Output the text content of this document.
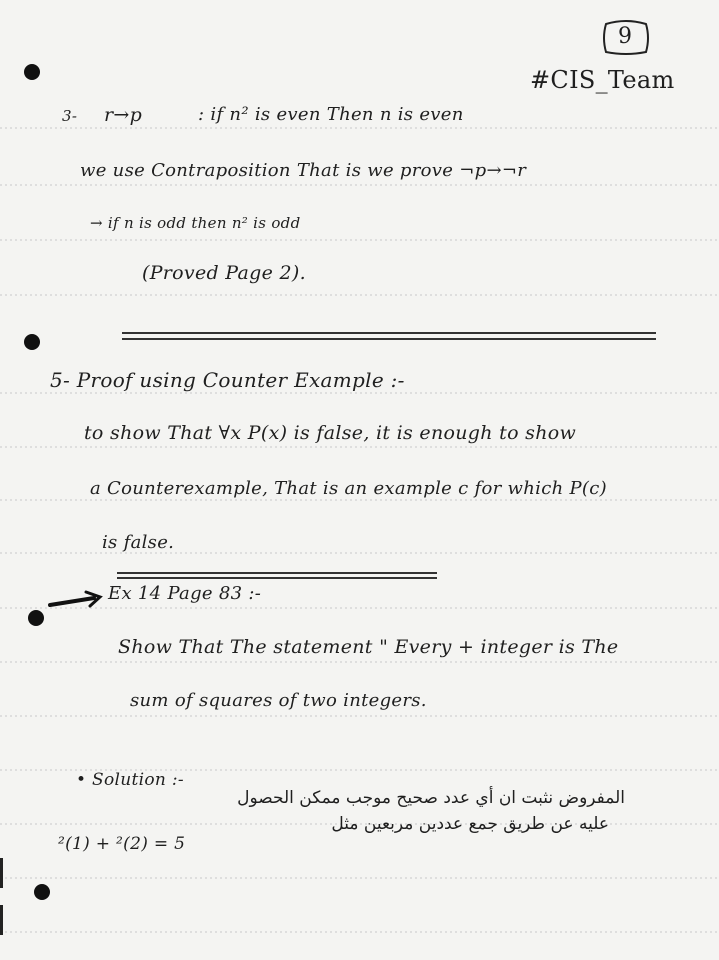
9
#CIS_Team
3- r→p	: if n² is even Then n is even
we use Contraposition That is we prove ¬p→¬r
→ if n is odd then n² is odd
(Proved Page 2).
5- Proof using Counter Example :-
to show That ∀x P(x) is false, it is enough to show
a Counterexample, That is an example c for which P(c)
is false.
Ex 14 Page 83 :-
Show That The statement " Every + integer is The
sum of squares of two integers.
• Solution :-
المفروض نثبت ان أي عدد صحيح موجب ممكن الحصول
عليه عن طريق جمع عددين مربعين مثل
5 = (2)² + (1)²
